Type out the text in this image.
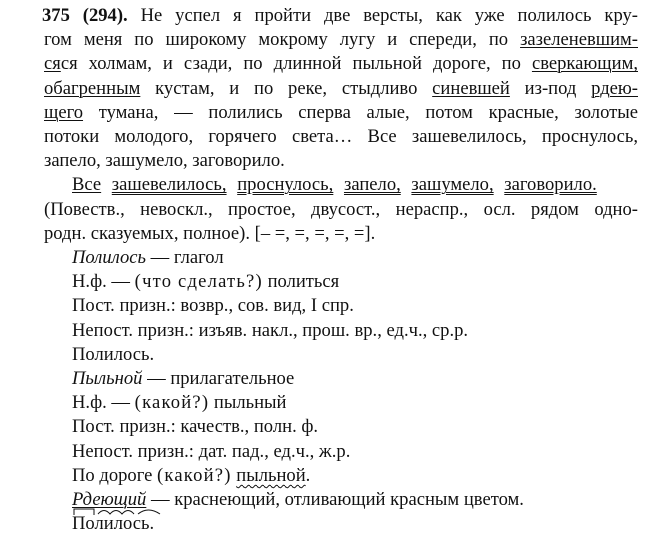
375 (294). Не успел я пройти две версты, как уже полилось кру-
гом меня по широкому мокрому лугу и спереди, по зазеленевшим-
сяся холмам, и сзади, по длинной пыльной дороге, по сверкающим,
обагренным кустам, и по реке, стыдливо синевшей из-под рдею-
щего тумана, — полились сперва алые, потом красные, золотые
потоки молодого, горячего света… Все зашевелилось, проснулось,
запело, зашумело, заговорило.
Все зашевелилось, проснулось, запело, зашумело, заговорило.
(Повеств., невоскл., простое, двусост., нераспр., осл. рядом одно-
родн. сказуемых, полное). [– =, =, =, =, =].
Полилось — глагол
Н.ф. — (что сделать?) политься
Пост. призн.: возвр., сов. вид, I спр.
Непост. призн.: изъяв. накл., прош. вр., ед.ч., ср.р.
Полилось.
Пыльной — прилагательное
Н.ф. — (какой?) пыльный
Пост. призн.: качеств., полн. ф.
Непост. призн.: дат. пад., ед.ч., ж.р.
По дороге (какой?) пыльной.
Рдеющий — краснеющий, отливающий красным цветом.
Полилось.
